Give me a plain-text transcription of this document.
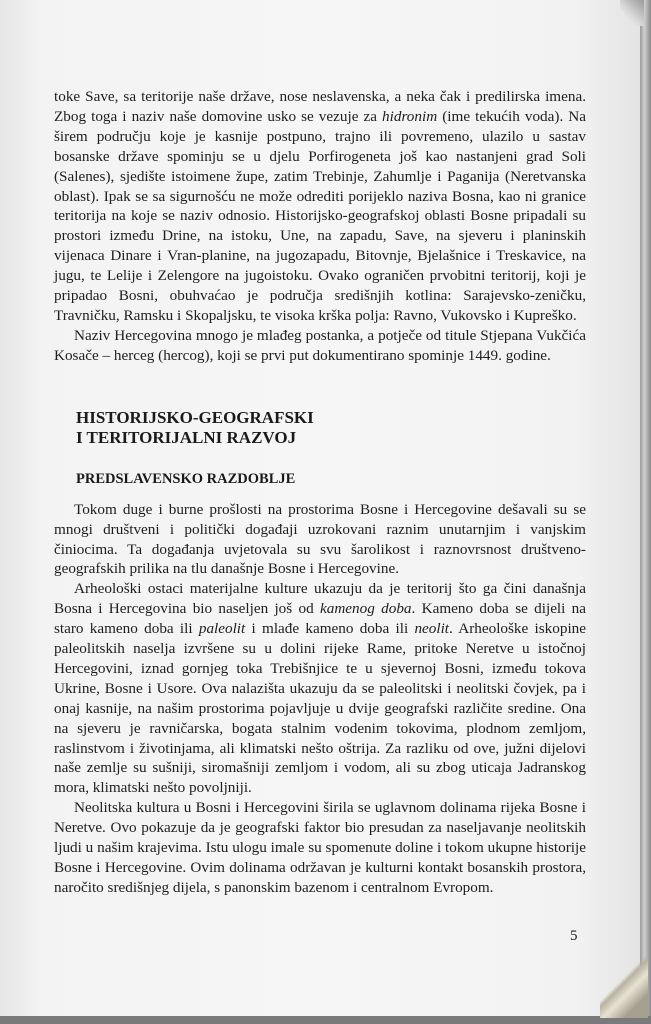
toke Save, sa teritorije naše države, nose neslavenska, a neka čak i predilirska imena. Zbog toga i naziv naše domovine usko se vezuje za hidronim (ime tekućih voda). Na širem području koje je kasnije postpuno, trajno ili povremeno, ulazilo u sastav bosanske države spominju se u djelu Porfirogeneta još kao nastanjeni grad Soli (Salenes), sjedište istoimene župe, zatim Trebinje, Zahumlje i Paganija (Neretvanska oblast). Ipak se sa sigurnošću ne može odrediti porijeklo naziva Bosna, kao ni granice teritorija na koje se naziv odnosio. Historijsko-geografskoj oblasti Bosne pripadali su prostori između Drine, na istoku, Une, na zapadu, Save, na sjeveru i planinskih vijenaca Dinare i Vran-planine, na jugozapadu, Bitovnje, Bjelašnice i Treskavice, na jugu, te Lelije i Zelengore na jugoistoku. Ovako ograničen prvobitni teritorij, koji je pripadao Bosni, obuhvaćao je područja središnjih kotlina: Sarajevsko-zeničku, Travničku, Ramsku i Skopaljsku, te visoka krška polja: Ravno, Vukovsko i Kupreško.

Naziv Hercegovina mnogo je mlađeg postanka, a potječe od titule Stjepana Vukčića Kosače – herceg (hercog), koji se prvi put dokumentirano spominje 1449. godine.

HISTORIJSKO-GEOGRAFSKI
I TERITORIJALNI RAZVOJ
PREDSLAVENSKO RAZDOBLJE

Tokom duge i burne prošlosti na prostorima Bosne i Hercegovine dešavali su se mnogi društveni i politički događaji uzrokovani raznim unutarnjim i vanjskim činiocima. Ta događanja uvjetovala su svu šarolikost i raznovrsnost društveno-geografskih prilika na tlu današnje Bosne i Hercegovine.

Arheološki ostaci materijalne kulture ukazuju da je teritorij što ga čini današnja Bosna i Hercegovina bio naseljen još od kamenog doba. Kameno doba se dijeli na staro kameno doba ili paleolit i mlađe kameno doba ili neolit. Arheološke iskopine paleolitskih naselja izvršene su u dolini rijeke Rame, pritoke Neretve u istočnoj Hercegovini, iznad gornjeg toka Trebišnjice te u sjevernoj Bosni, između tokova Ukrine, Bosne i Usore. Ova nalazišta ukazuju da se paleolitski i neolitski čovjek, pa i onaj kasnije, na našim prostorima pojavljuje u dvije geografski različite sredine. Ona na sjeveru je ravničarska, bogata stalnim vodenim tokovima, plodnom zemljom, raslinstvom i životinjama, ali klimatski nešto oštrija. Za razliku od ove, južni dijelovi naše zemlje su sušniji, siromašniji zemljom i vodom, ali su zbog uticaja Jadranskog mora, klimatski nešto povoljniji.

Neolitska kultura u Bosni i Hercegovini širila se uglavnom dolinama rijeka Bosne i Neretve. Ovo pokazuje da je geografski faktor bio presudan za naseljavanje neolitskih ljudi u našim krajevima. Istu ulogu imale su spomenute doline i tokom ukupne historije Bosne i Hercegovine. Ovim dolinama održavan je kulturni kontakt bosanskih prostora, naročito središnjeg dijela, s panonskim bazenom i centralnom Evropom.

5
